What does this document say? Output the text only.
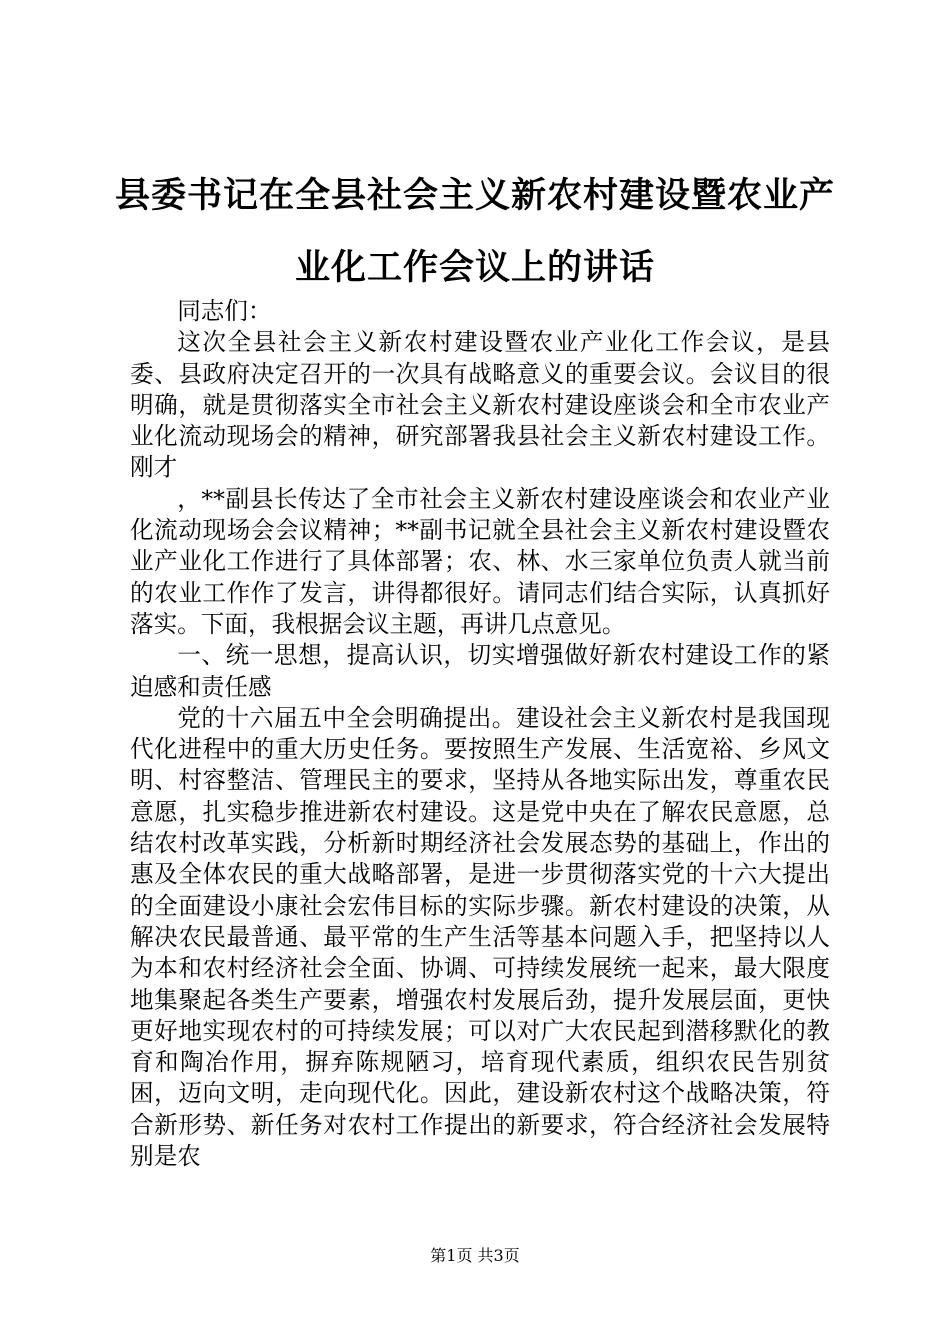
县委书记在全县社会主义新农村建设暨农业产业化工作会议上的讲话

同志们：

这次全县社会主义新农村建设暨农业产业化工作会议，是县委、县政府决定召开的一次具有战略意义的重要会议。会议目的很明确，就是贯彻落实全市社会主义新农村建设座谈会和全市农业产业化流动现场会的精神，研究部署我县社会主义新农村建设工作。刚才

，**副县长传达了全市社会主义新农村建设座谈会和农业产业化流动现场会会议精神；**副书记就全县社会主义新农村建设暨农业产业化工作进行了具体部署；农、林、水三家单位负责人就当前的农业工作作了发言，讲得都很好。请同志们结合实际，认真抓好落实。下面，我根据会议主题，再讲几点意见。

一、统一思想，提高认识，切实增强做好新农村建设工作的紧迫感和责任感

党的十六届五中全会明确提出。建设社会主义新农村是我国现代化进程中的重大历史任务。要按照生产发展、生活宽裕、乡风文明、村容整洁、管理民主的要求，坚持从各地实际出发，尊重农民意愿，扎实稳步推进新农村建设。这是党中央在了解农民意愿，总结农村改革实践，分析新时期经济社会发展态势的基础上，作出的惠及全体农民的重大战略部署，是进一步贯彻落实党的十六大提出的全面建设小康社会宏伟目标的实际步骤。新农村建设的决策，从解决农民最普通、最平常的生产生活等基本问题入手，把坚持以人为本和农村经济社会全面、协调、可持续发展统一起来，最大限度地集聚起各类生产要素，增强农村发展后劲，提升发展层面，更快更好地实现农村的可持续发展；可以对广大农民起到潜移默化的教育和陶冶作用，摒弃陈规陋习，培育现代素质，组织农民告别贫困，迈向文明，走向现代化。因此，建设新农村这个战略决策，符合新形势、新任务对农村工作提出的新要求，符合经济社会发展特别是农

第1页 共3页
